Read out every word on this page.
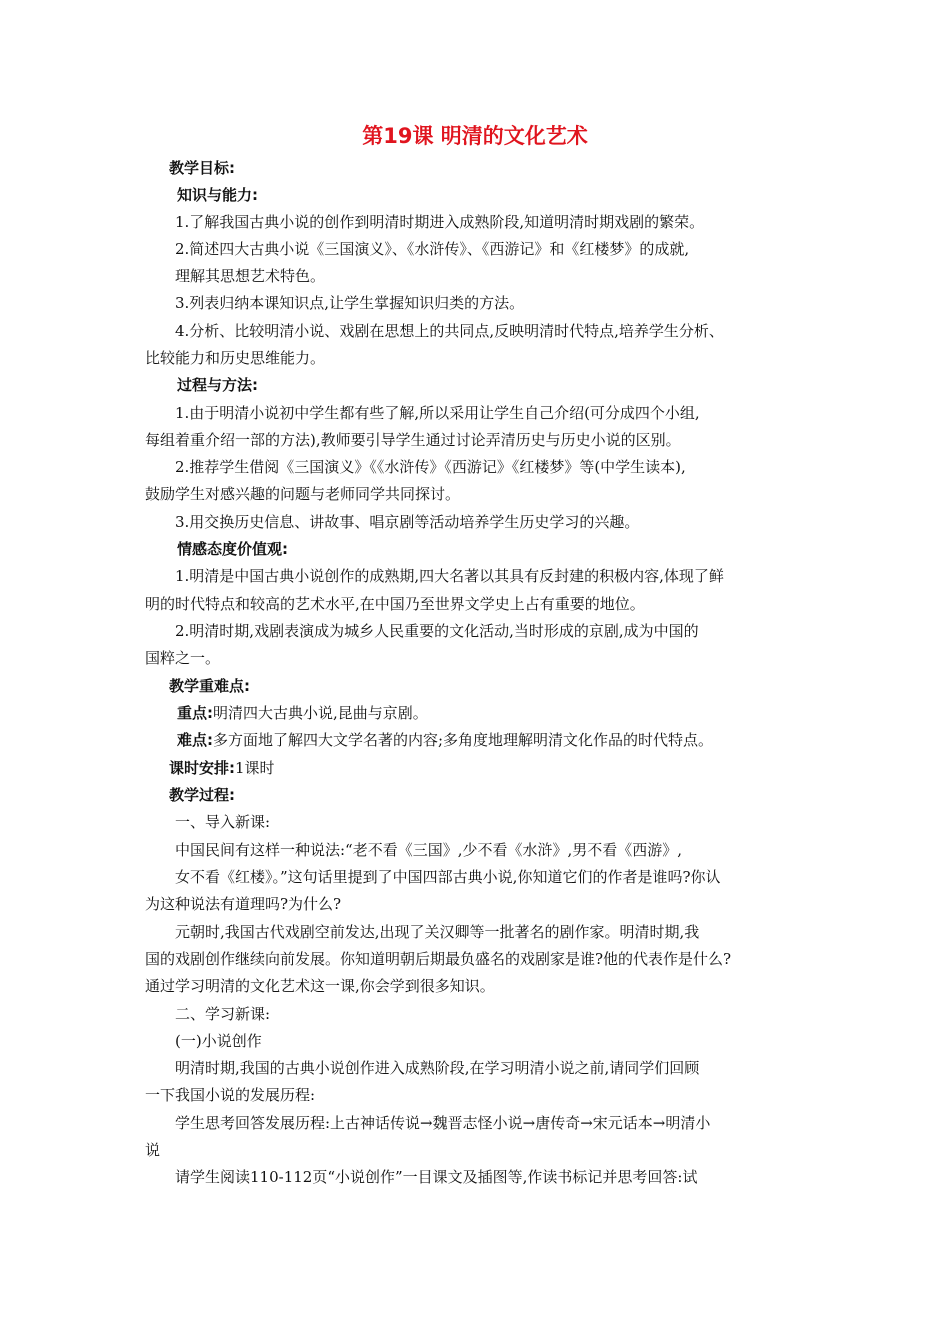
第19课 明清的文化艺术
教学目标:
知识与能力:
1.了解我国古典小说的创作到明清时期进入成熟阶段,知道明清时期戏剧的繁荣。
2.简述四大古典小说《三国演义》、《水浒传》、《西游记》和《红楼梦》的成就,
理解其思想艺术特色。
3.列表归纳本课知识点,让学生掌握知识归类的方法。
4.分析、比较明清小说、戏剧在思想上的共同点,反映明清时代特点,培养学生分析、
比较能力和历史思维能力。
过程与方法:
1.由于明清小说初中学生都有些了解,所以采用让学生自己介绍(可分成四个小组,
每组着重介绍一部的方法),教师要引导学生通过讨论弄清历史与历史小说的区别。
2.推荐学生借阅《三国演义》《《水浒传》《西游记》《红楼梦》等(中学生读本),
鼓励学生对感兴趣的问题与老师同学共同探讨。
3.用交换历史信息、讲故事、唱京剧等活动培养学生历史学习的兴趣。
情感态度价值观:
1.明清是中国古典小说创作的成熟期,四大名著以其具有反封建的积极内容,体现了鲜
明的时代特点和较高的艺术水平,在中国乃至世界文学史上占有重要的地位。
2.明清时期,戏剧表演成为城乡人民重要的文化活动,当时形成的京剧,成为中国的
国粹之一。
教学重难点:
重点:明清四大古典小说,昆曲与京剧。
难点:多方面地了解四大文学名著的内容;多角度地理解明清文化作品的时代特点。
课时安排:1课时
教学过程:
一、导入新课:
中国民间有这样一种说法:“老不看《三国》,少不看《水浒》,男不看《西游》,
女不看《红楼》。”这句话里提到了中国四部古典小说,你知道它们的作者是谁吗?你认
为这种说法有道理吗?为什么?
元朝时,我国古代戏剧空前发达,出现了关汉卿等一批著名的剧作家。明清时期,我
国的戏剧创作继续向前发展。你知道明朝后期最负盛名的戏剧家是谁?他的代表作是什么?
通过学习明清的文化艺术这一课,你会学到很多知识。
二、学习新课:
(一)小说创作
明清时期,我国的古典小说创作进入成熟阶段,在学习明清小说之前,请同学们回顾
一下我国小说的发展历程:
学生思考回答发展历程:上古神话传说→魏晋志怪小说→唐传奇→宋元话本→明清小
说
请学生阅读110-112页“小说创作”一目课文及插图等,作读书标记并思考回答:试
